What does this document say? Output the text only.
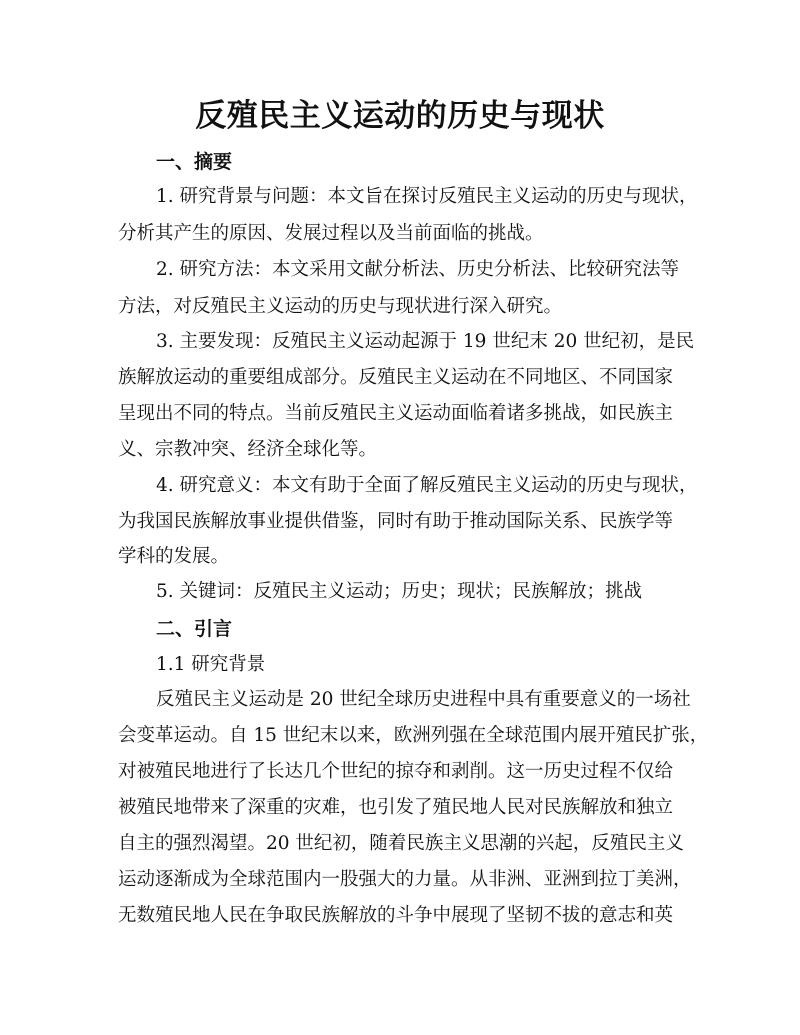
反殖民主义运动的历史与现状

一、摘要

1. 研究背景与问题：本文旨在探讨反殖民主义运动的历史与现状，

分析其产生的原因、发展过程以及当前面临的挑战。

2. 研究方法：本文采用文献分析法、历史分析法、比较研究法等

方法，对反殖民主义运动的历史与现状进行深入研究。

3. 主要发现：反殖民主义运动起源于 19 世纪末 20 世纪初，是民

族解放运动的重要组成部分。反殖民主义运动在不同地区、不同国家

呈现出不同的特点。当前反殖民主义运动面临着诸多挑战，如民族主

义、宗教冲突、经济全球化等。

4. 研究意义：本文有助于全面了解反殖民主义运动的历史与现状，

为我国民族解放事业提供借鉴，同时有助于推动国际关系、民族学等

学科的发展。

5. 关键词：反殖民主义运动；历史；现状；民族解放；挑战

二、引言

1.1 研究背景

反殖民主义运动是 20 世纪全球历史进程中具有重要意义的一场社

会变革运动。自 15 世纪末以来，欧洲列强在全球范围内展开殖民扩张，

对被殖民地进行了长达几个世纪的掠夺和剥削。这一历史过程不仅给

被殖民地带来了深重的灾难，也引发了殖民地人民对民族解放和独立

自主的强烈渴望。20 世纪初，随着民族主义思潮的兴起，反殖民主义

运动逐渐成为全球范围内一股强大的力量。从非洲、亚洲到拉丁美洲，

无数殖民地人民在争取民族解放的斗争中展现了坚韧不拔的意志和英
